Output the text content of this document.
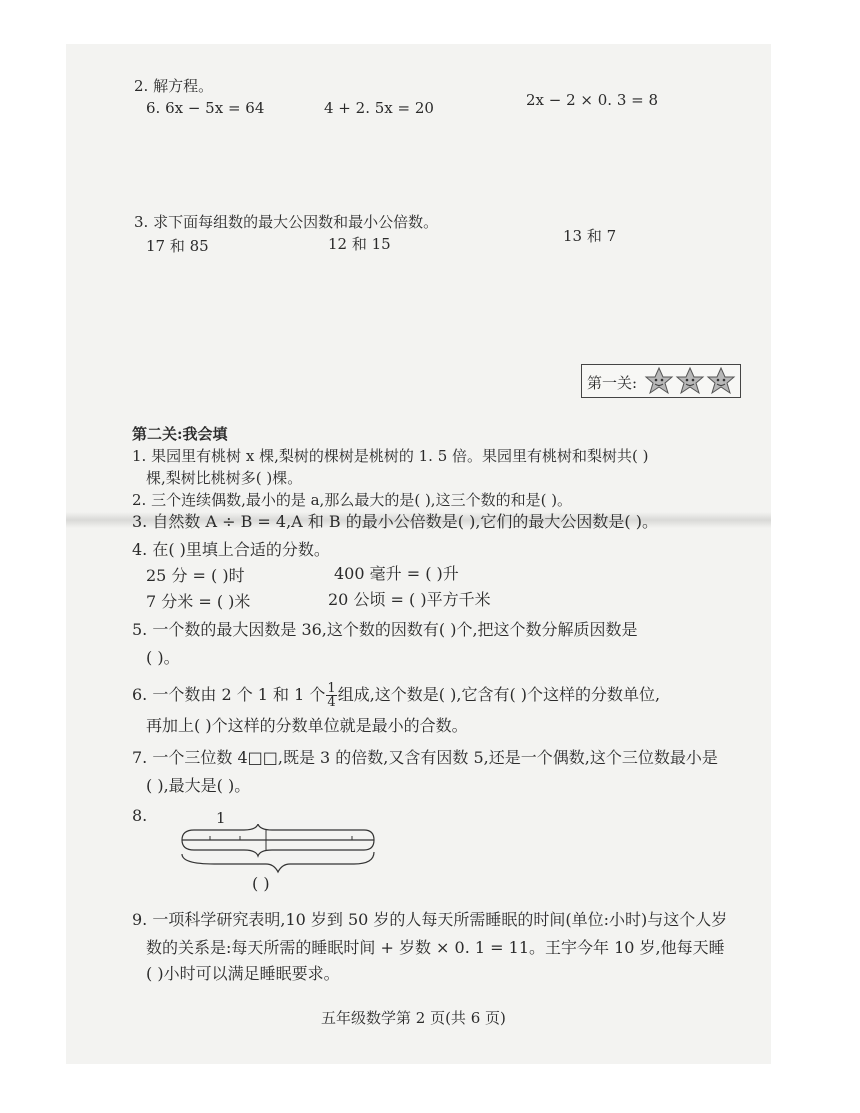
2. 解方程。
6. 6x − 5x = 64	4 + 2. 5x = 20	2x − 2 × 0. 3 = 8
3. 求下面每组数的最大公因数和最小公倍数。
17 和 85	12 和 15	13 和 7
第一关:
第二关:我会填
1. 果园里有桃树 x 棵,梨树的棵树是桃树的 1. 5 倍。果园里有桃树和梨树共( )
棵,梨树比桃树多( )棵。
2. 三个连续偶数,最小的是 a,那么最大的是( ),这三个数的和是( )。
3. 自然数 A ÷ B = 4,A 和 B 的最小公倍数是( ),它们的最大公因数是( )。
4. 在( )里填上合适的分数。
25 分 = ( )时	400 毫升 = ( )升
7 分米 = ( )米	20 公顷 = ( )平方千米
5. 一个数的最大因数是 36,这个数的因数有( )个,把这个数分解质因数是
( )。
6. 一个数由 2 个 1 和 1 个 $\frac{1}{4}$ 组成,这个数是( ),它含有( )个这样的分数单位,
再加上( )个这样的分数单位就是最小的合数。
7. 一个三位数 4□□,既是 3 的倍数,又含有因数 5,还是一个偶数,这个三位数最小是
( ),最大是( )。
8.	1
( )
9. 一项科学研究表明,10 岁到 50 岁的人每天所需睡眠的时间(单位:小时)与这个人岁
数的关系是:每天所需的睡眠时间 + 岁数 × 0. 1 = 11。王宇今年 10 岁,他每天睡
( )小时可以满足睡眠要求。
五年级数学第 2 页(共 6 页)
